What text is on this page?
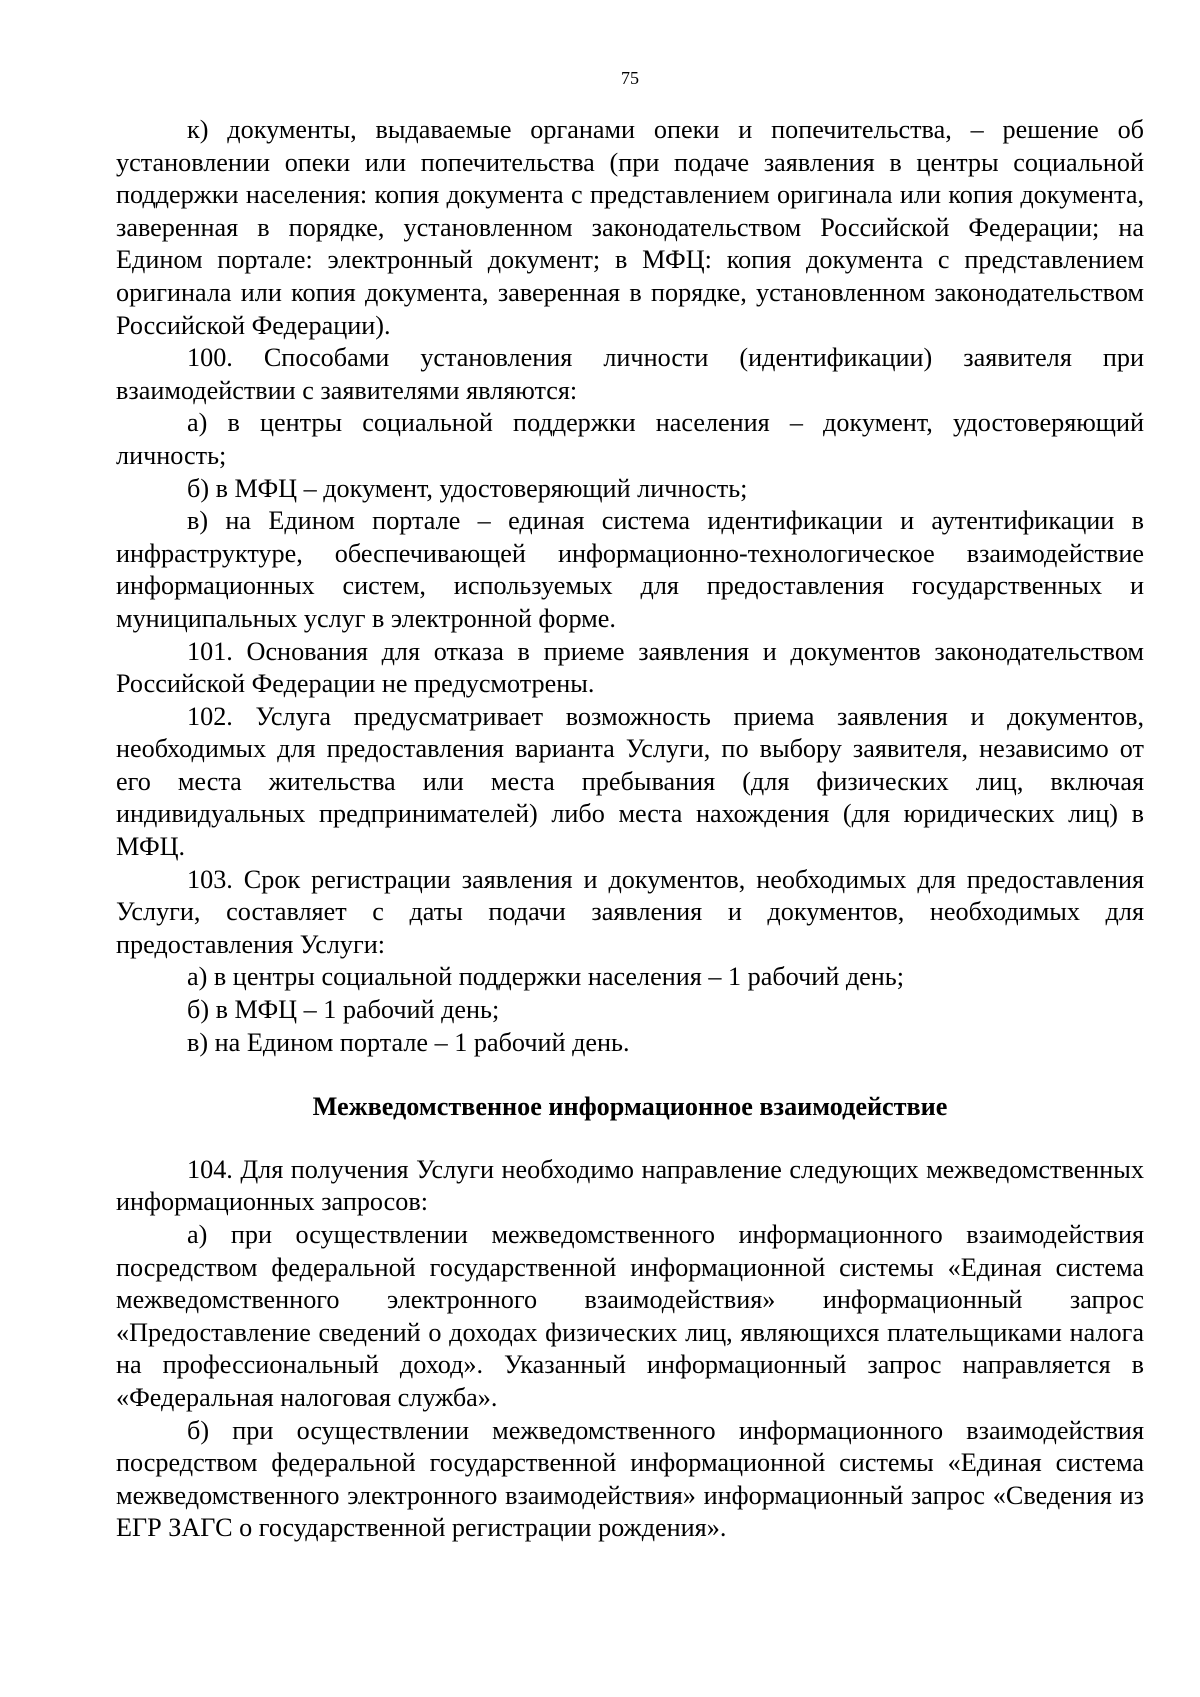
75

к) документы, выдаваемые органами опеки и попечительства, – решение об установлении опеки или попечительства (при подаче заявления в центры социальной поддержки населения: копия документа с представлением оригинала или копия документа, заверенная в порядке, установленном законодательством Российской Федерации; на Едином портале: электронный документ; в МФЦ: копия документа с представлением оригинала или копия документа, заверенная в порядке, установленном законодательством Российской Федерации).

100. Способами установления личности (идентификации) заявителя при взаимодействии с заявителями являются:

а) в центры социальной поддержки населения – документ, удостоверяющий личность;

б) в МФЦ – документ, удостоверяющий личность;

в) на Едином портале – единая система идентификации и аутентификации в инфраструктуре, обеспечивающей информационно-технологическое взаимодействие информационных систем, используемых для предоставления государственных и муниципальных услуг в электронной форме.

101. Основания для отказа в приеме заявления и документов законодательством Российской Федерации не предусмотрены.

102. Услуга предусматривает возможность приема заявления и документов, необходимых для предоставления варианта Услуги, по выбору заявителя, независимо от его места жительства или места пребывания (для физических лиц, включая индивидуальных предпринимателей) либо места нахождения (для юридических лиц) в МФЦ.

103. Срок регистрации заявления и документов, необходимых для предоставления Услуги, составляет с даты подачи заявления и документов, необходимых для предоставления Услуги:

а) в центры социальной поддержки населения – 1 рабочий день;

б) в МФЦ – 1 рабочий день;

в) на Едином портале – 1 рабочий день.

Межведомственное информационное взаимодействие

104. Для получения Услуги необходимо направление следующих межведомственных информационных запросов:

а) при осуществлении межведомственного информационного взаимодействия посредством федеральной государственной информационной системы «Единая система межведомственного электронного взаимодействия» информационный запрос «Предоставление сведений о доходах физических лиц, являющихся плательщиками налога на профессиональный доход». Указанный информационный запрос направляется в «Федеральная налоговая служба».

б) при осуществлении межведомственного информационного взаимодействия посредством федеральной государственной информационной системы «Единая система межведомственного электронного взаимодействия» информационный запрос «Сведения из ЕГР ЗАГС о государственной регистрации рождения».
